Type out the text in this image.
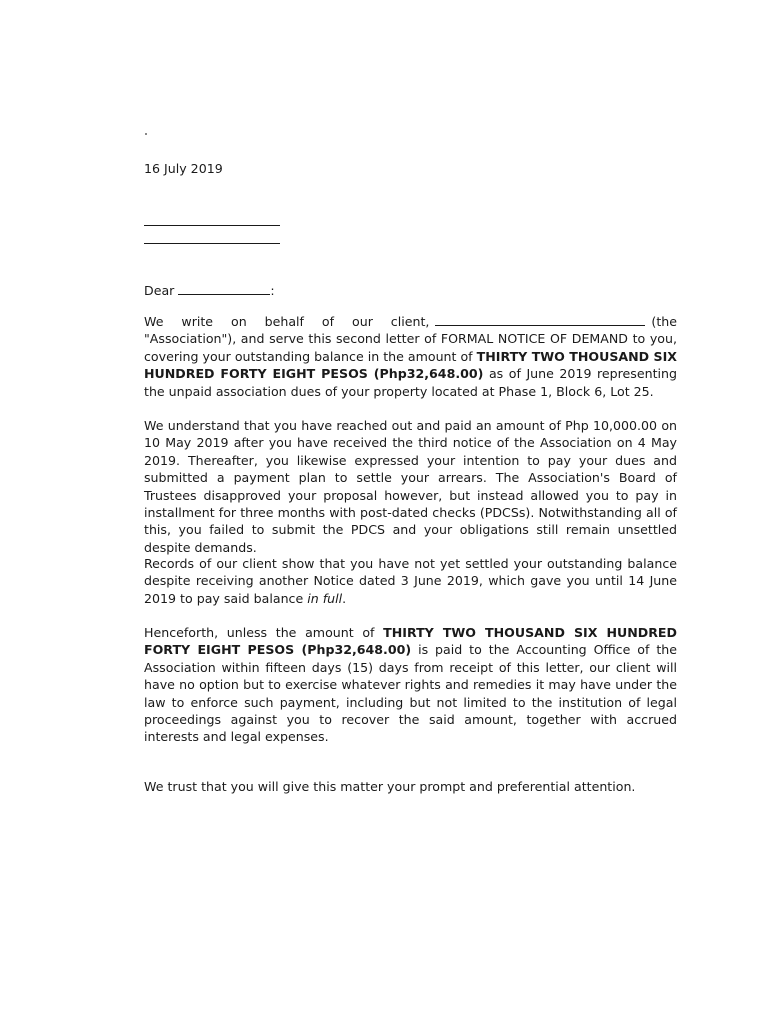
16 July 2019
Dear	:

We write on behalf of our client,	(the "Association"), and serve this second letter of FORMAL NOTICE OF DEMAND to you, covering your outstanding balance in the amount of THIRTY TWO THOUSAND SIX HUNDRED FORTY EIGHT PESOS (Php32,648.00) as of June 2019 representing the unpaid association dues of your property located at Phase 1, Block 6, Lot 25.

We understand that you have reached out and paid an amount of Php 10,000.00 on 10 May 2019 after you have received the third notice of the Association on 4 May 2019. Thereafter, you likewise expressed your intention to pay your dues and submitted a payment plan to settle your arrears. The Association's Board of Trustees disapproved your proposal however, but instead allowed you to pay in installment for three months with post-dated checks (PDCSs). Notwithstanding all of this, you failed to submit the PDCS and your obligations still remain unsettled despite demands.

Records of our client show that you have not yet settled your outstanding balance despite receiving another Notice dated 3 June 2019, which gave you until 14 June 2019 to pay said balance in full.

Henceforth, unless the amount of THIRTY TWO THOUSAND SIX HUNDRED FORTY EIGHT PESOS (Php32,648.00) is paid to the Accounting Office of the Association within fifteen days (15) days from receipt of this letter, our client will have no option but to exercise whatever rights and remedies it may have under the law to enforce such payment, including but not limited to the institution of legal proceedings against you to recover the said amount, together with accrued interests and legal expenses.

We trust that you will give this matter your prompt and preferential attention.
